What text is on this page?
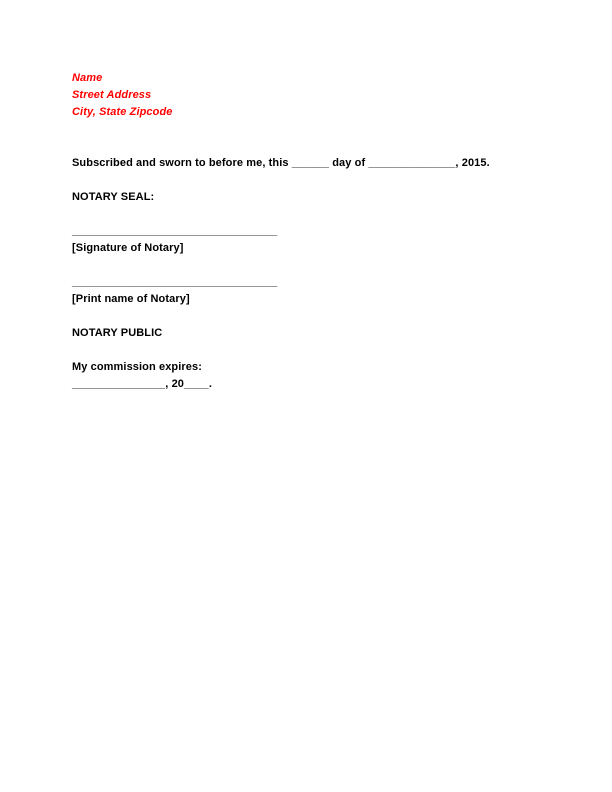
Name
Street Address
City, State Zipcode
Subscribed and sworn to before me, this ______ day of ______________, 2015.
NOTARY SEAL:
_________________________________
[Signature of Notary]
_________________________________
[Print name of Notary]
NOTARY PUBLIC
My commission expires:
_______________, 20____.
